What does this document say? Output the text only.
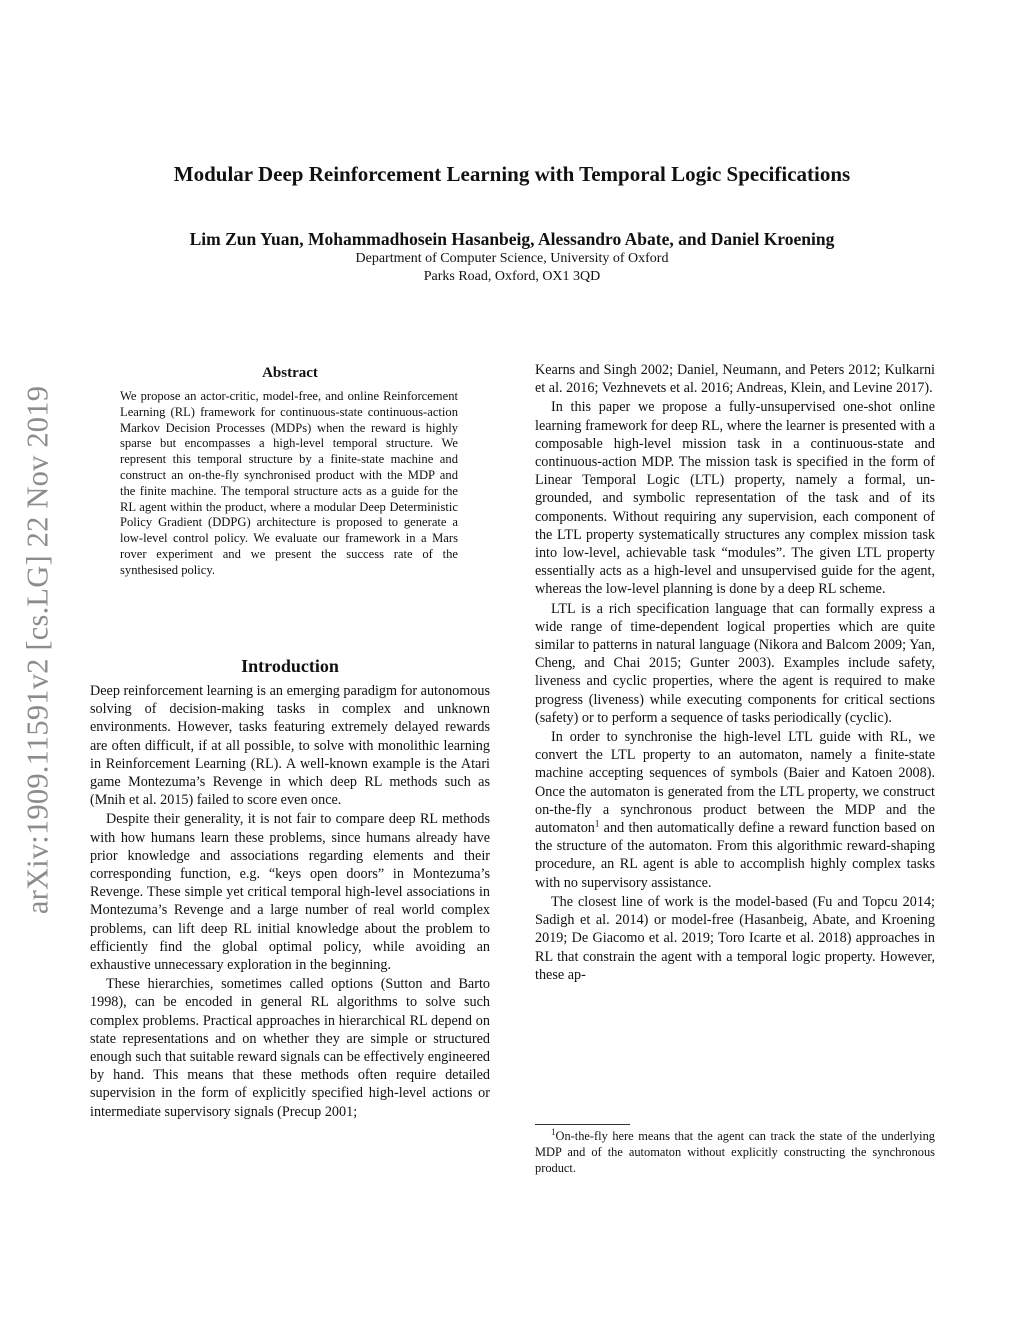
Modular Deep Reinforcement Learning with Temporal Logic Specifications
Lim Zun Yuan, Mohammadhosein Hasanbeig, Alessandro Abate, and Daniel Kroening
Department of Computer Science, University of Oxford
Parks Road, Oxford, OX1 3QD
arXiv:1909.11591v2 [cs.LG] 22 Nov 2019
Abstract
We propose an actor-critic, model-free, and online Reinforcement Learning (RL) framework for continuous-state continuous-action Markov Decision Processes (MDPs) when the reward is highly sparse but encompasses a high-level temporal structure. We represent this temporal structure by a finite-state machine and construct an on-the-fly synchronised product with the MDP and the finite machine. The temporal structure acts as a guide for the RL agent within the product, where a modular Deep Deterministic Policy Gradient (DDPG) architecture is proposed to generate a low-level control policy. We evaluate our framework in a Mars rover experiment and we present the success rate of the synthesised policy.
Introduction

Deep reinforcement learning is an emerging paradigm for autonomous solving of decision-making tasks in complex and unknown environments. However, tasks featuring extremely delayed rewards are often difficult, if at all possible, to solve with monolithic learning in Reinforcement Learning (RL). A well-known example is the Atari game Montezuma’s Revenge in which deep RL methods such as (Mnih et al. 2015) failed to score even once.

Despite their generality, it is not fair to compare deep RL methods with how humans learn these problems, since humans already have prior knowledge and associations regarding elements and their corresponding function, e.g. “keys open doors” in Montezuma’s Revenge. These simple yet critical temporal high-level associations in Montezuma’s Revenge and a large number of real world complex problems, can lift deep RL initial knowledge about the problem to efficiently find the global optimal policy, while avoiding an exhaustive unnecessary exploration in the beginning.

These hierarchies, sometimes called options (Sutton and Barto 1998), can be encoded in general RL algorithms to solve such complex problems. Practical approaches in hierarchical RL depend on state representations and on whether they are simple or structured enough such that suitable reward signals can be effectively engineered by hand. This means that these methods often require detailed supervision in the form of explicitly specified high-level actions or intermediate supervisory signals (Precup 2001;

Kearns and Singh 2002; Daniel, Neumann, and Peters 2012; Kulkarni et al. 2016; Vezhnevets et al. 2016; Andreas, Klein, and Levine 2017).

In this paper we propose a fully-unsupervised one-shot online learning framework for deep RL, where the learner is presented with a composable high-level mission task in a continuous-state and continuous-action MDP. The mission task is specified in the form of Linear Temporal Logic (LTL) property, namely a formal, un-grounded, and symbolic representation of the task and of its components. Without requiring any supervision, each component of the LTL property systematically structures any complex mission task into low-level, achievable task “modules”. The given LTL property essentially acts as a high-level and unsupervised guide for the agent, whereas the low-level planning is done by a deep RL scheme.

LTL is a rich specification language that can formally express a wide range of time-dependent logical properties which are quite similar to patterns in natural language (Nikora and Balcom 2009; Yan, Cheng, and Chai 2015; Gunter 2003). Examples include safety, liveness and cyclic properties, where the agent is required to make progress (liveness) while executing components for critical sections (safety) or to perform a sequence of tasks periodically (cyclic).

In order to synchronise the high-level LTL guide with RL, we convert the LTL property to an automaton, namely a finite-state machine accepting sequences of symbols (Baier and Katoen 2008). Once the automaton is generated from the LTL property, we construct on-the-fly a synchronous product between the MDP and the automaton$^1$ and then automatically define a reward function based on the structure of the automaton. From this algorithmic reward-shaping procedure, an RL agent is able to accomplish highly complex tasks with no supervisory assistance.

The closest line of work is the model-based (Fu and Topcu 2014; Sadigh et al. 2014) or model-free (Hasanbeig, Abate, and Kroening 2019; De Giacomo et al. 2019; Toro Icarte et al. 2018) approaches in RL that constrain the agent with a temporal logic property. However, these ap-

$^1$On-the-fly here means that the agent can track the state of the underlying MDP and of the automaton without explicitly constructing the synchronous product.
